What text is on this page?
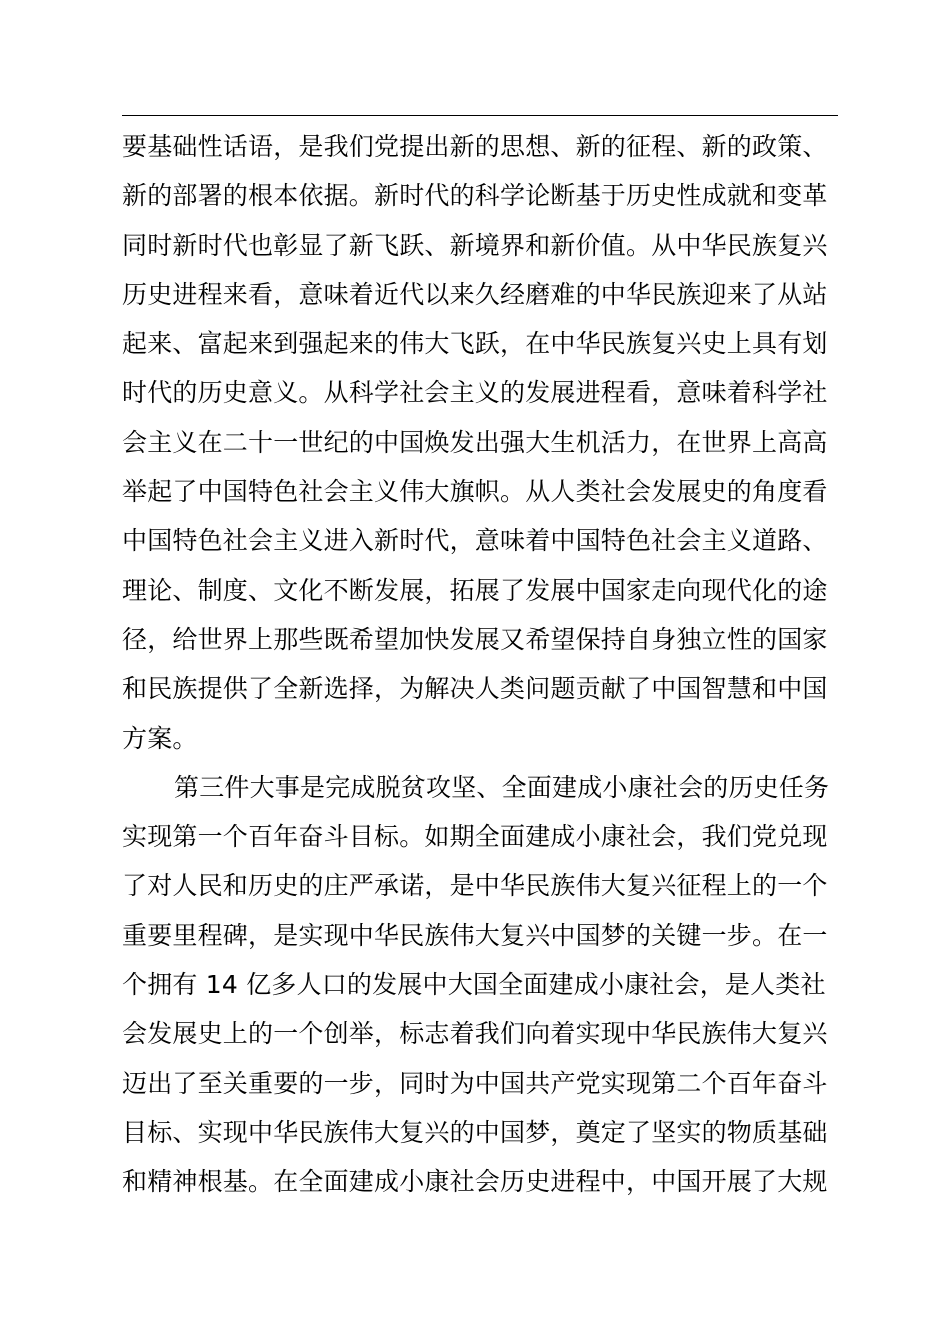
要基础性话语，是我们党提出新的思想、新的征程、新的政策、
新的部署的根本依据。新时代的科学论断基于历史性成就和变革
同时新时代也彰显了新飞跃、新境界和新价值。从中华民族复兴
历史进程来看，意味着近代以来久经磨难的中华民族迎来了从站
起来、富起来到强起来的伟大飞跃，在中华民族复兴史上具有划
时代的历史意义。从科学社会主义的发展进程看，意味着科学社
会主义在二十一世纪的中国焕发出强大生机活力，在世界上高高
举起了中国特色社会主义伟大旗帜。从人类社会发展史的角度看
中国特色社会主义进入新时代，意味着中国特色社会主义道路、
理论、制度、文化不断发展，拓展了发展中国家走向现代化的途
径，给世界上那些既希望加快发展又希望保持自身独立性的国家
和民族提供了全新选择，为解决人类问题贡献了中国智慧和中国
方案。
第三件大事是完成脱贫攻坚、全面建成小康社会的历史任务
实现第一个百年奋斗目标。如期全面建成小康社会，我们党兑现
了对人民和历史的庄严承诺，是中华民族伟大复兴征程上的一个
重要里程碑，是实现中华民族伟大复兴中国梦的关键一步。在一
个拥有 14 亿多人口的发展中大国全面建成小康社会，是人类社
会发展史上的一个创举，标志着我们向着实现中华民族伟大复兴
迈出了至关重要的一步，同时为中国共产党实现第二个百年奋斗
目标、实现中华民族伟大复兴的中国梦，奠定了坚实的物质基础
和精神根基。在全面建成小康社会历史进程中，中国开展了大规
